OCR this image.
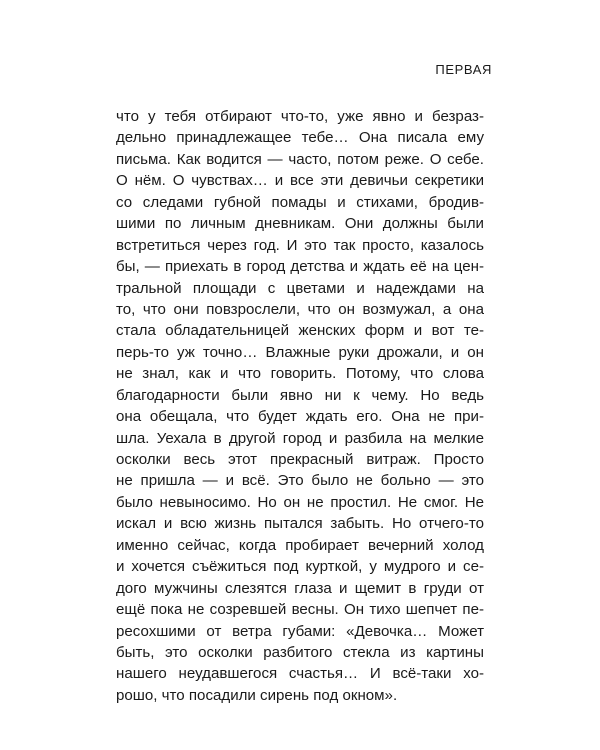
ПЕРВАЯ
что у тебя отбирают что-то, уже явно и безраз-
дельно принадлежащее тебе… Она писала ему
письма. Как водится — часто, потом реже. О себе.
О нём. О чувствах… и все эти девичьи секретики
со следами губной помады и стихами, бродив-
шими по личным дневникам. Они должны были
встретиться через год. И это так просто, казалось
бы, — приехать в город детства и ждать её на цен-
тральной площади с цветами и надеждами на
то, что они повзрослели, что он возмужал, а она
стала обладательницей женских форм и вот те-
перь-то уж точно… Влажные руки дрожали, и он
не знал, как и что говорить. Потому, что слова
благодарности были явно ни к чему. Но ведь
она обещала, что будет ждать его. Она не при-
шла. Уехала в другой город и разбила на мелкие
осколки весь этот прекрасный витраж. Просто
не пришла — и всё. Это было не больно — это
было невыносимо. Но он не простил. Не смог. Не
искал и всю жизнь пытался забыть. Но отчего-то
именно сейчас, когда пробирает вечерний холод
и хочется съёжиться под курткой, у мудрого и се-
дого мужчины слезятся глаза и щемит в груди от
ещё пока не созревшей весны. Он тихо шепчет пе-
ресохшими от ветра губами: «Девочка… Может
быть, это осколки разбитого стекла из картины
нашего неудавшегося счастья… И всё-таки хо-
рошо, что посадили сирень под окном».
